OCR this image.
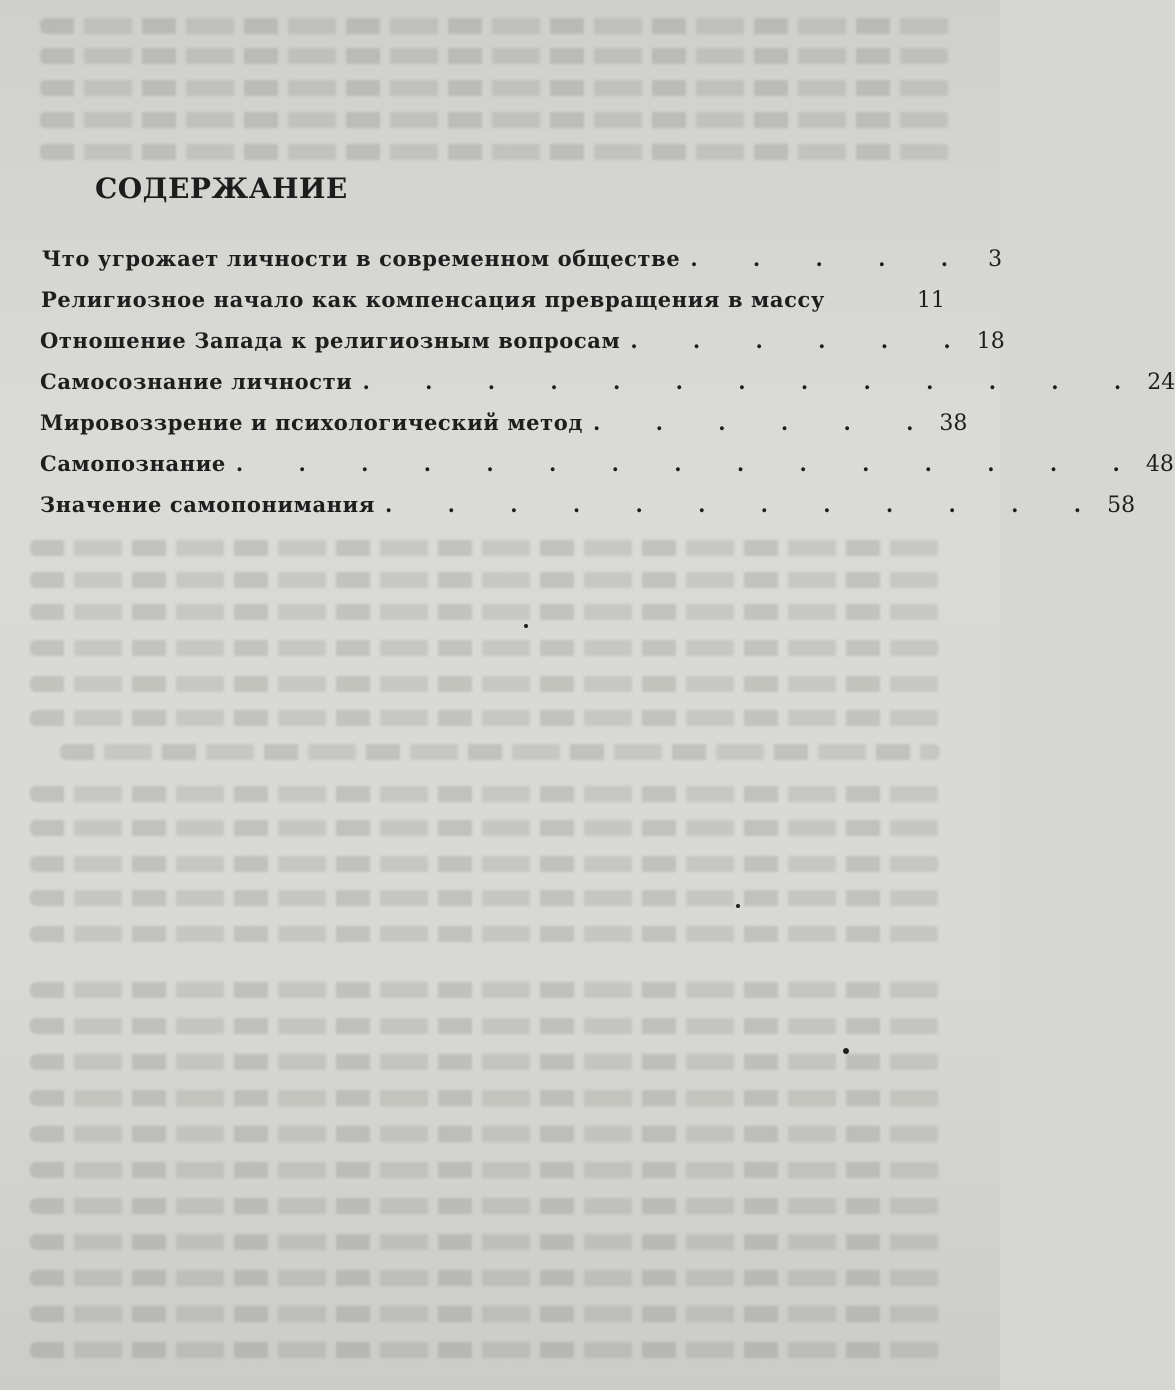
СОДЕРЖАНИЕ
Что угрожает личности в современном обществе . . . . . 3
Религиозное начало как компенсация превращения в массу	11
Отношение Запада к религиозным вопросам . . . . . . 18
Самосознание личности . . . . . . . . . . . . . 24
Мировоззрение и психологический метод . . . . . . 38
Самопознание . . . . . . . . . . . . . . . 48
Значение самопонимания . . . . . . . . . . . . 58
